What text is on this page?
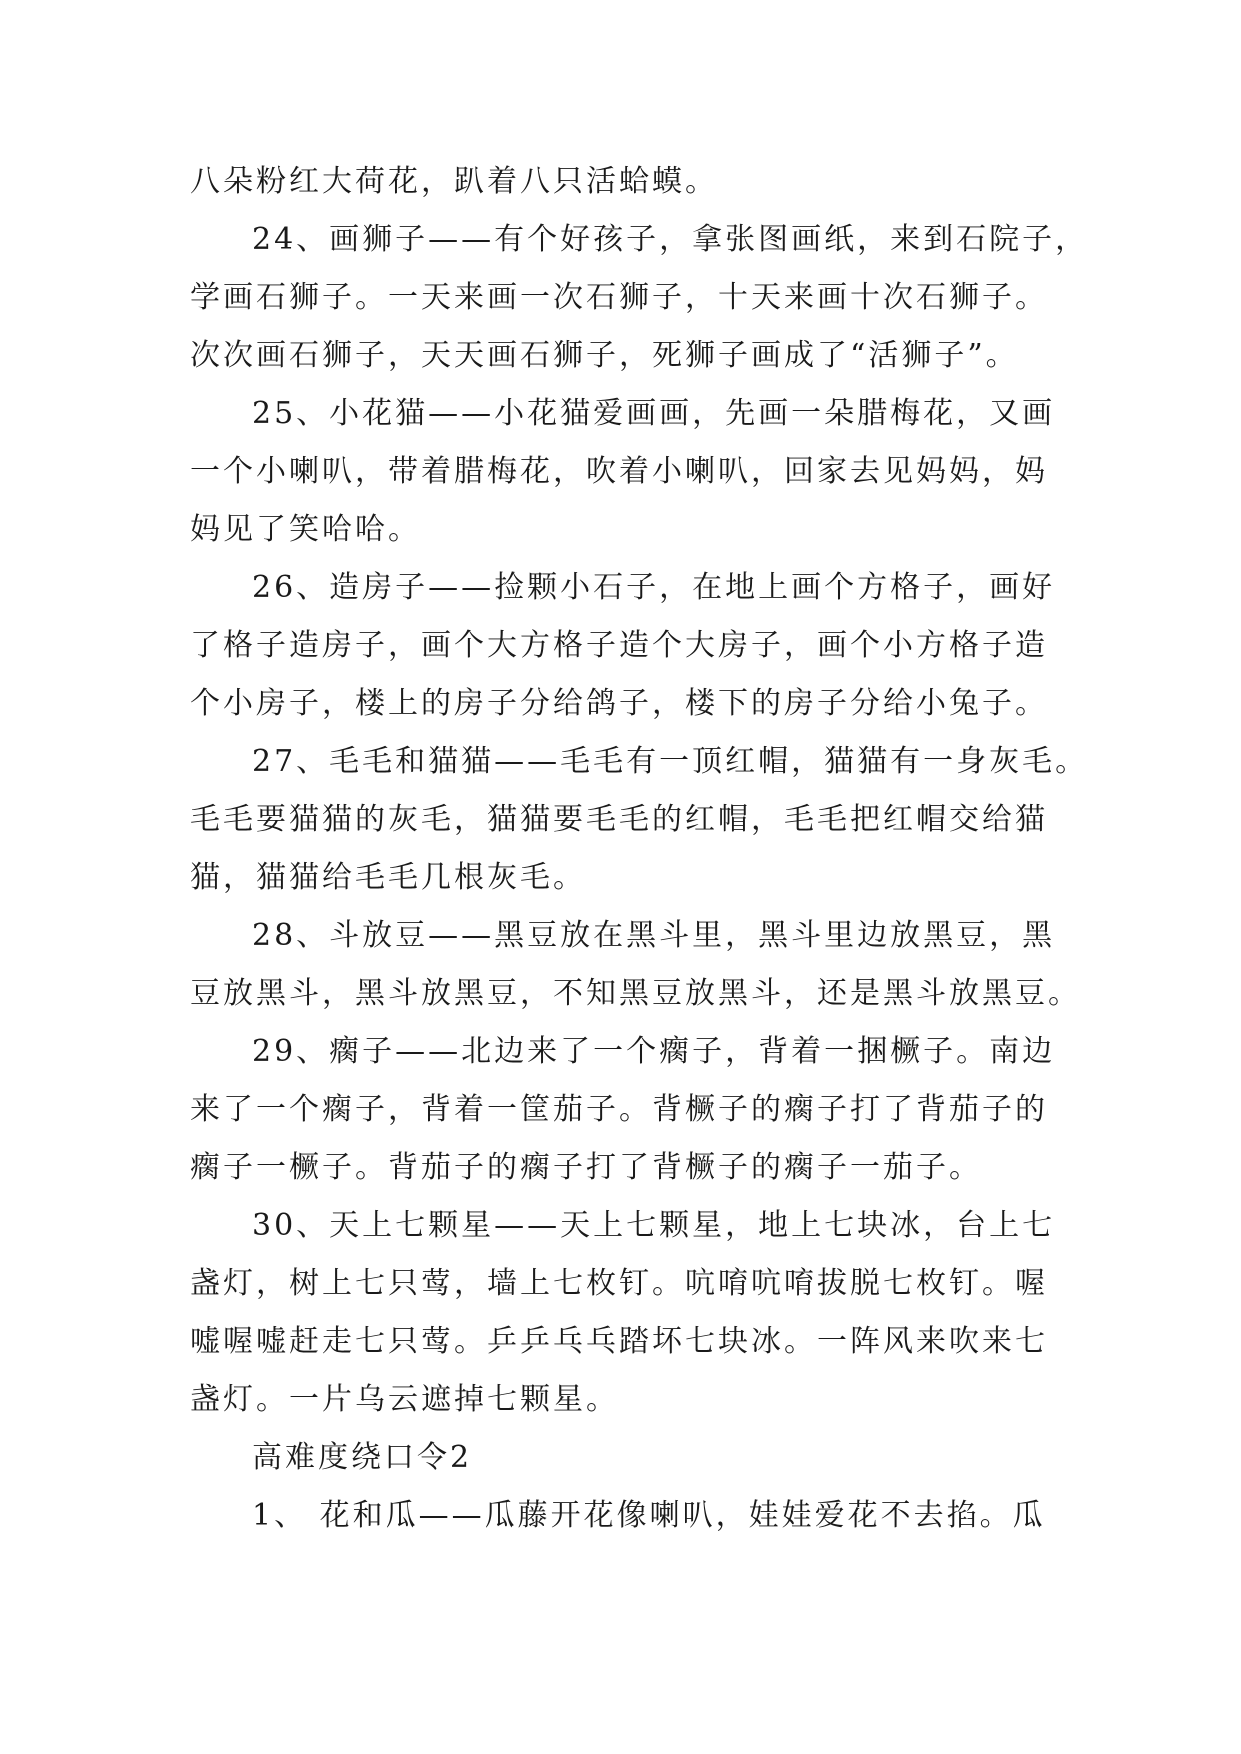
八朵粉红大荷花，趴着八只活蛤蟆。
24、画狮子——有个好孩子，拿张图画纸，来到石院子，
学画石狮子。一天来画一次石狮子，十天来画十次石狮子。
次次画石狮子，天天画石狮子，死狮子画成了“活狮子”。
25、小花猫——小花猫爱画画，先画一朵腊梅花，又画
一个小喇叭，带着腊梅花，吹着小喇叭，回家去见妈妈，妈
妈见了笑哈哈。
26、造房子——捡颗小石子，在地上画个方格子，画好
了格子造房子，画个大方格子造个大房子，画个小方格子造
个小房子，楼上的房子分给鸽子，楼下的房子分给小兔子。
27、毛毛和猫猫——毛毛有一顶红帽，猫猫有一身灰毛。
毛毛要猫猫的灰毛，猫猫要毛毛的红帽，毛毛把红帽交给猫
猫，猫猫给毛毛几根灰毛。
28、斗放豆——黑豆放在黑斗里，黑斗里边放黑豆，黑
豆放黑斗，黑斗放黑豆，不知黑豆放黑斗，还是黑斗放黑豆。
29、瘸子——北边来了一个瘸子，背着一捆橛子。南边
来了一个瘸子，背着一筐茄子。背橛子的瘸子打了背茄子的
瘸子一橛子。背茄子的瘸子打了背橛子的瘸子一茄子。
30、天上七颗星——天上七颗星，地上七块冰，台上七
盏灯，树上七只莺，墙上七枚钉。吭唷吭唷拔脱七枚钉。喔
嘘喔嘘赶走七只莺。乒乒乓乓踏坏七块冰。一阵风来吹来七
盏灯。一片乌云遮掉七颗星。
高难度绕口令2
1、 花和瓜——瓜藤开花像喇叭，娃娃爱花不去掐。瓜
